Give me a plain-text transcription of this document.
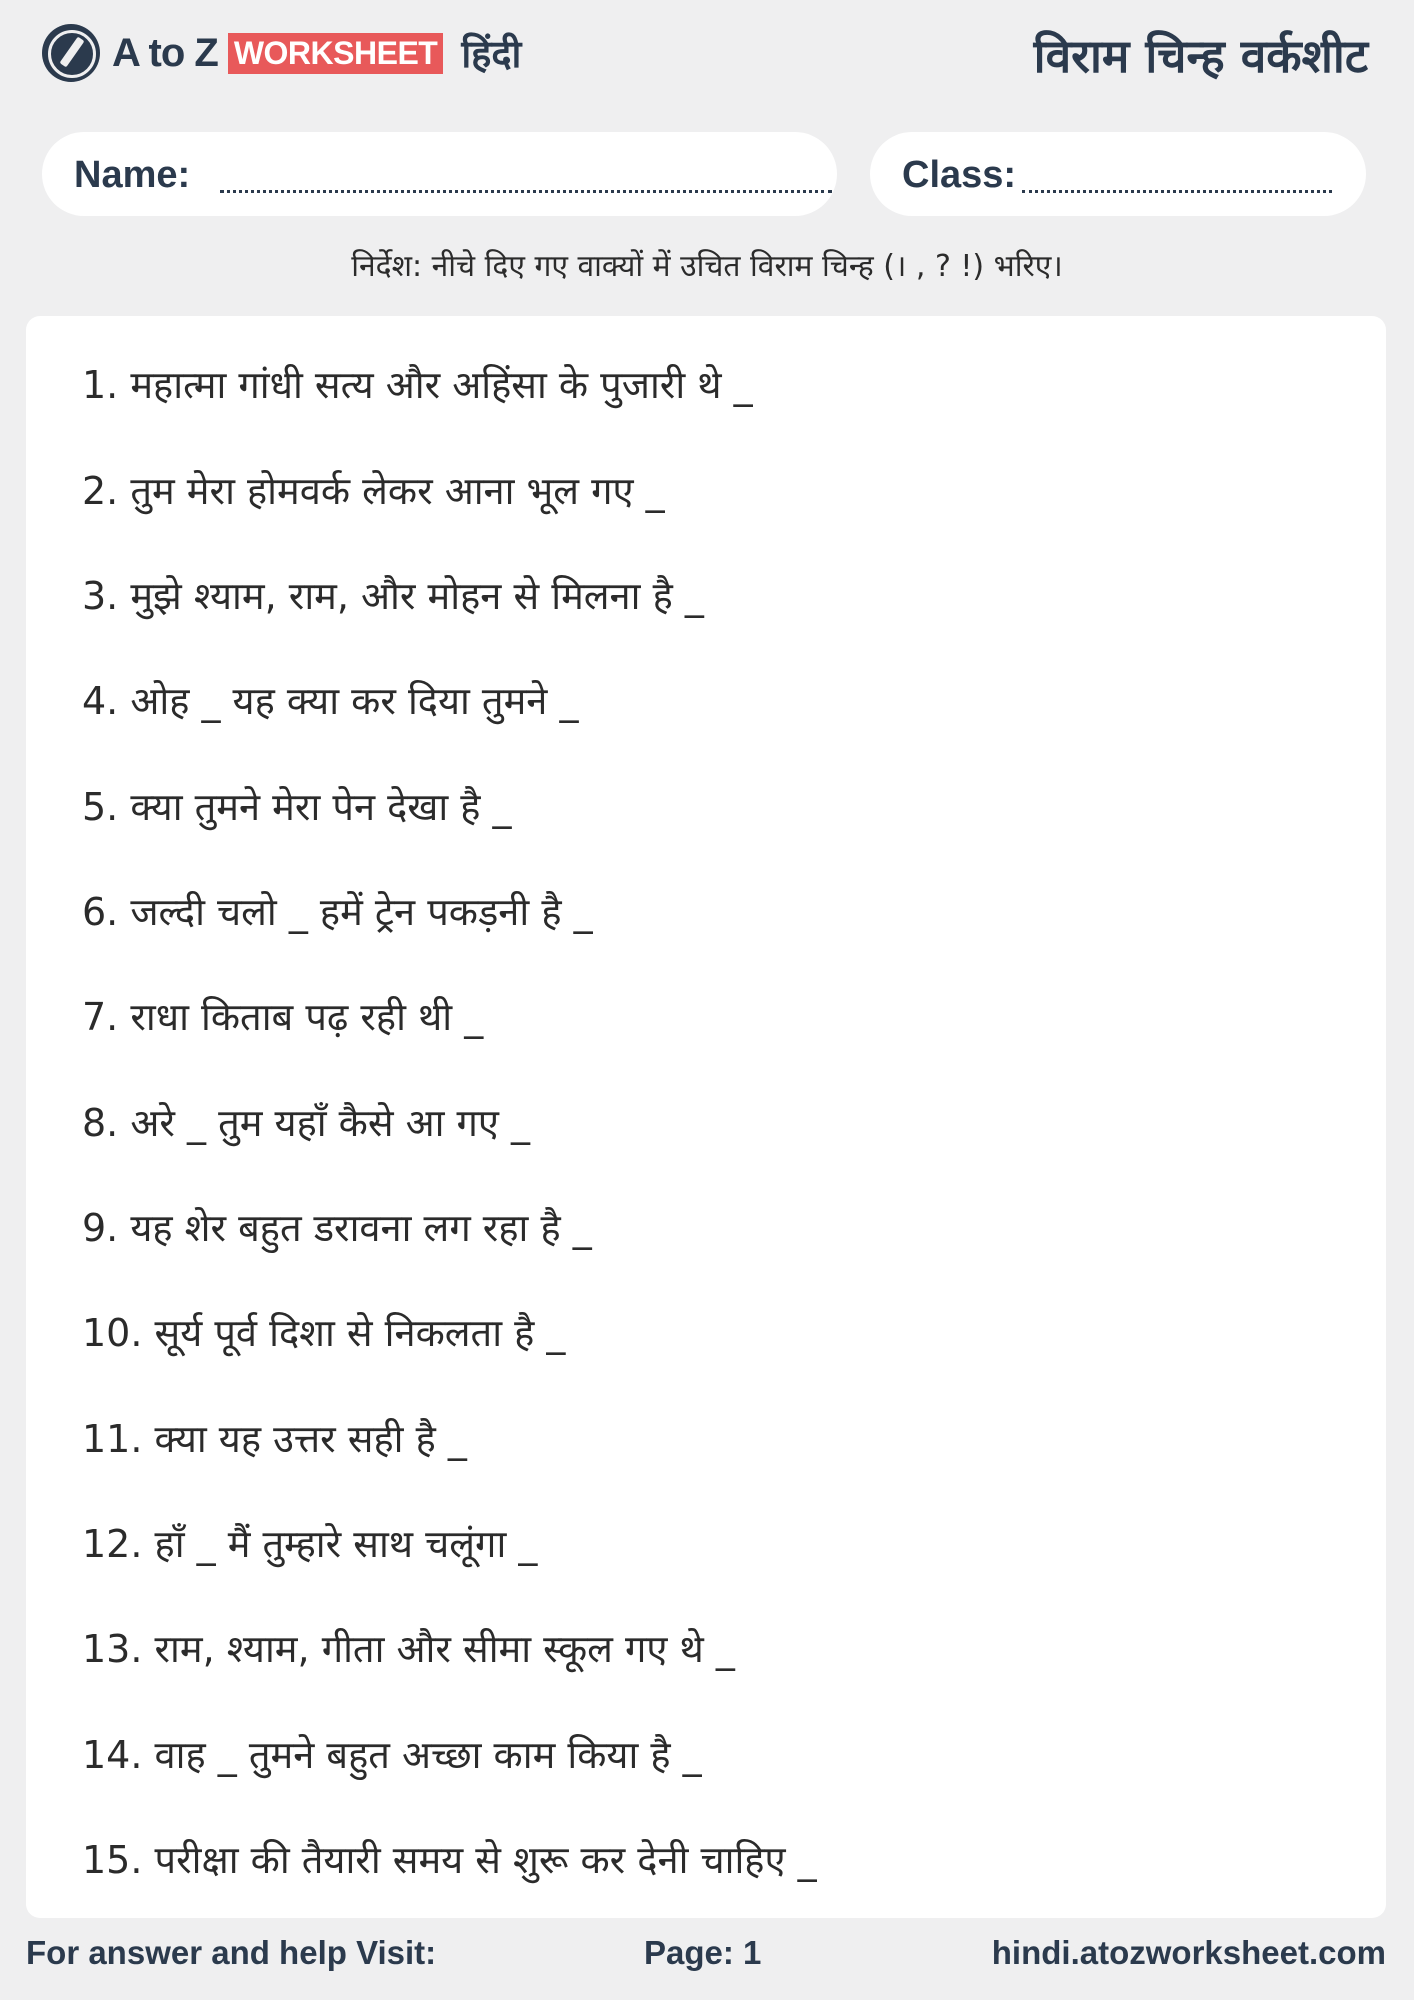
A to Z WORKSHEET हिंदी	विराम चिन्ह वर्कशीट
Name:	Class:
निर्देश: नीचे दिए गए वाक्यों में उचित विराम चिन्ह (। , ? !) भरिए।
1. महात्मा गांधी सत्य और अहिंसा के पुजारी थे _
2. तुम मेरा होमवर्क लेकर आना भूल गए _
3. मुझे श्याम, राम, और मोहन से मिलना है _
4. ओह _ यह क्या कर दिया तुमने _
5. क्या तुमने मेरा पेन देखा है _
6. जल्दी चलो _ हमें ट्रेन पकड़नी है _
7. राधा किताब पढ़ रही थी _
8. अरे _ तुम यहाँ कैसे आ गए _
9. यह शेर बहुत डरावना लग रहा है _
10. सूर्य पूर्व दिशा से निकलता है _
11. क्या यह उत्तर सही है _
12. हाँ _ मैं तुम्हारे साथ चलूंगा _
13. राम, श्याम, गीता और सीमा स्कूल गए थे _
14. वाह _ तुमने बहुत अच्छा काम किया है _
15. परीक्षा की तैयारी समय से शुरू कर देनी चाहिए _
For answer and help Visit:	Page: 1	hindi.atozworksheet.com
